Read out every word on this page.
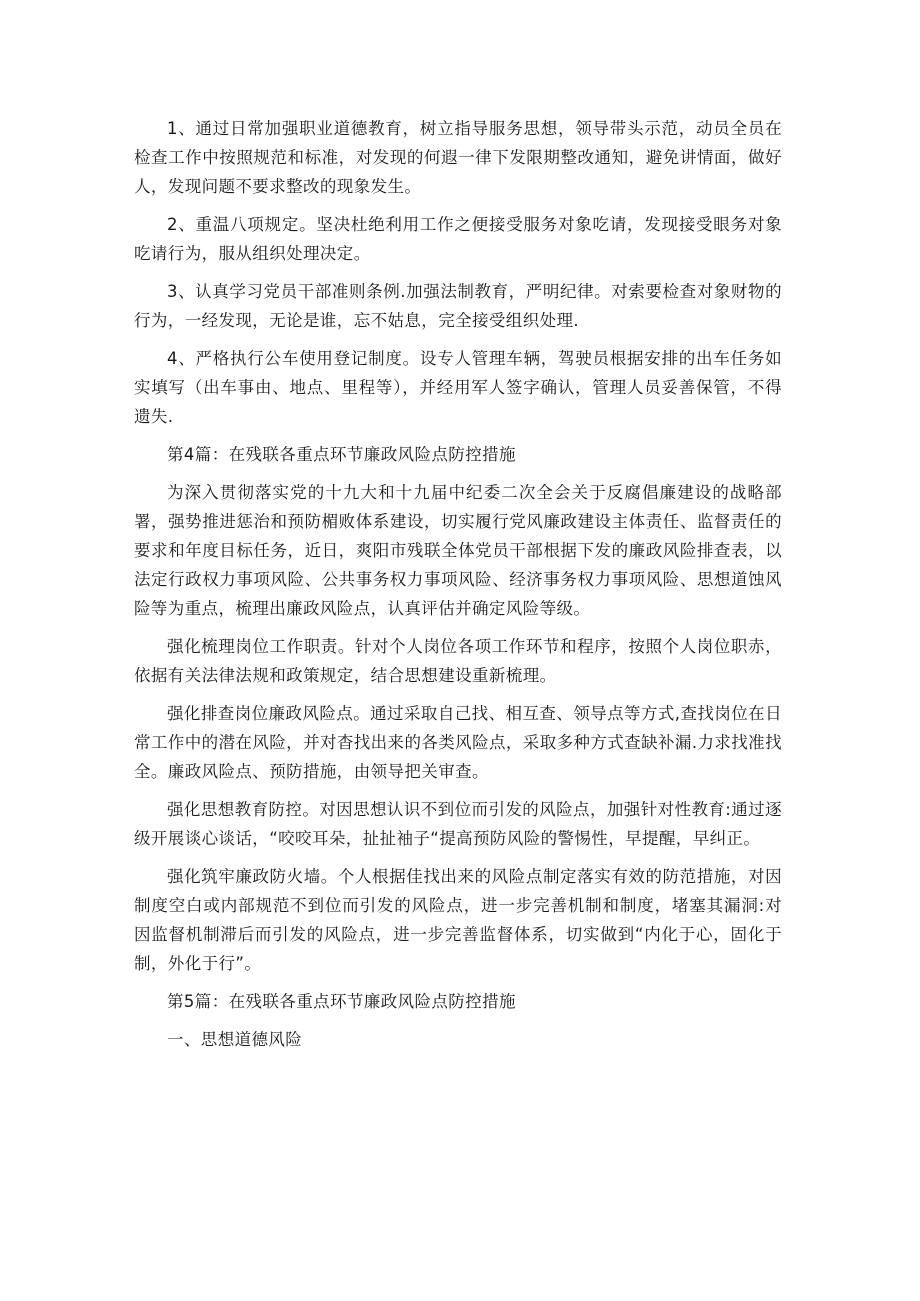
1、通过日常加强职业道德教育，树立指导服务思想，领导带头示范，动员全员在检查工作中按照规范和标准，对发现的何遐一律下发限期整改通知，避免讲情面，做好人，发现问题不要求整改的现象发生。

2、重温八项规定。坚决杜绝利用工作之便接受服务对象吃请，发现接受眼务对象吃请行为，服从组织处理决定。

3、认真学习党员干部准则条例.加强法制教育，严明纪律。对索要检查对象财物的行为，一经发现，无论是谁，忘不姑息，完全接受组织处理.

4、严格执行公车使用登记制度。设专人管理车辆，驾驶员根据安排的出车任务如实填写（出车事由、地点、里程等），并经用军人签字确认，管理人员妥善保管，不得遗失.

第4篇：在残联各重点环节廉政风险点防控措施

为深入贯彻落实党的十九大和十九届中纪委二次全会关于反腐倡廉建设的战略部署，强势推进惩治和预防楣败体系建设，切实履行党风廉政建设主体责任、监督责任的要求和年度目标任务，近日，爽阳市残联全体党员干部根据下发的廉政风险排查表，以法定行政权力事项风险、公共事务权力事项风险、经济事务权力事项风险、思想道蚀风险等为重点，梳理出廉政风险点，认真评估并确定风险等级。

强化梳理岗位工作职责。针对个人岗位各项工作环节和程序，按照个人岗位职赤，依据有关法律法规和政策规定，结合思想建设重新梳理。

强化排查岗位廉政风险点。通过采取自己找、相互查、领导点等方式,查找岗位在日常工作中的潜在风险，并对杳找出来的各类风险点，采取多种方式查缺补漏.力求找准找全。廉政风险点、预防措施，由领导把关审查。

强化思想教育防控。对因思想认识不到位而引发的风险点，加强针对性教育:通过逐级开展谈心谈话，“咬咬耳朵，扯扯袖子“提高预防风险的警惕性，早提醒，早纠正。

强化筑牢廉政防火墙。个人根据佳找出来的风险点制定落实有效的防范措施，对因制度空白或内部规范不到位而引发的风险点，进一步完善机制和制度，堵塞其漏洞:对因监督机制滞后而引发的风险点，进一步完善监督体系，切实做到“内化于心，固化于制，外化于行”。

第5篇：在残联各重点环节廉政风险点防控措施

一、思想道德风险
